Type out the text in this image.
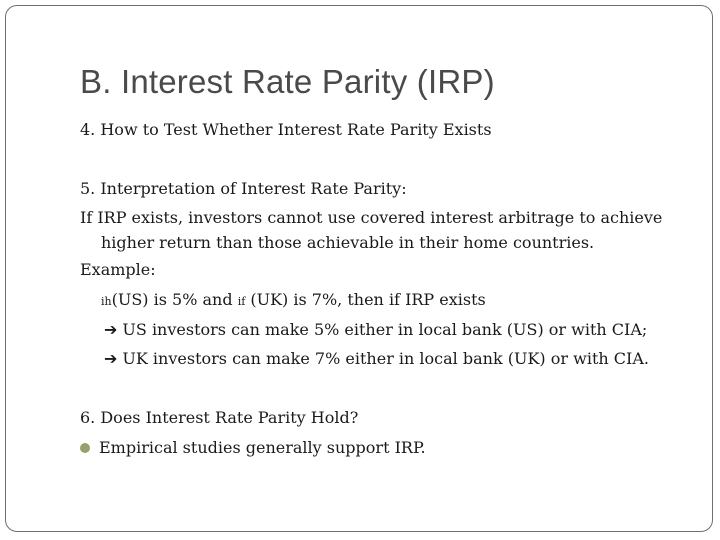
B. Interest Rate Parity (IRP)
4. How to Test Whether Interest Rate Parity Exists
5. Interpretation of Interest Rate Parity:
If IRP exists, investors cannot use covered interest arbitrage to achieve
higher return than those achievable in their home countries.
Example:
ih(US) is 5% and if (UK) is 7%, then if IRP exists
➔ US investors can make 5% either in local bank (US) or with CIA;
➔ UK investors can make 7% either in local bank (UK) or with CIA.
6. Does Interest Rate Parity Hold?
Empirical studies generally support IRP.
